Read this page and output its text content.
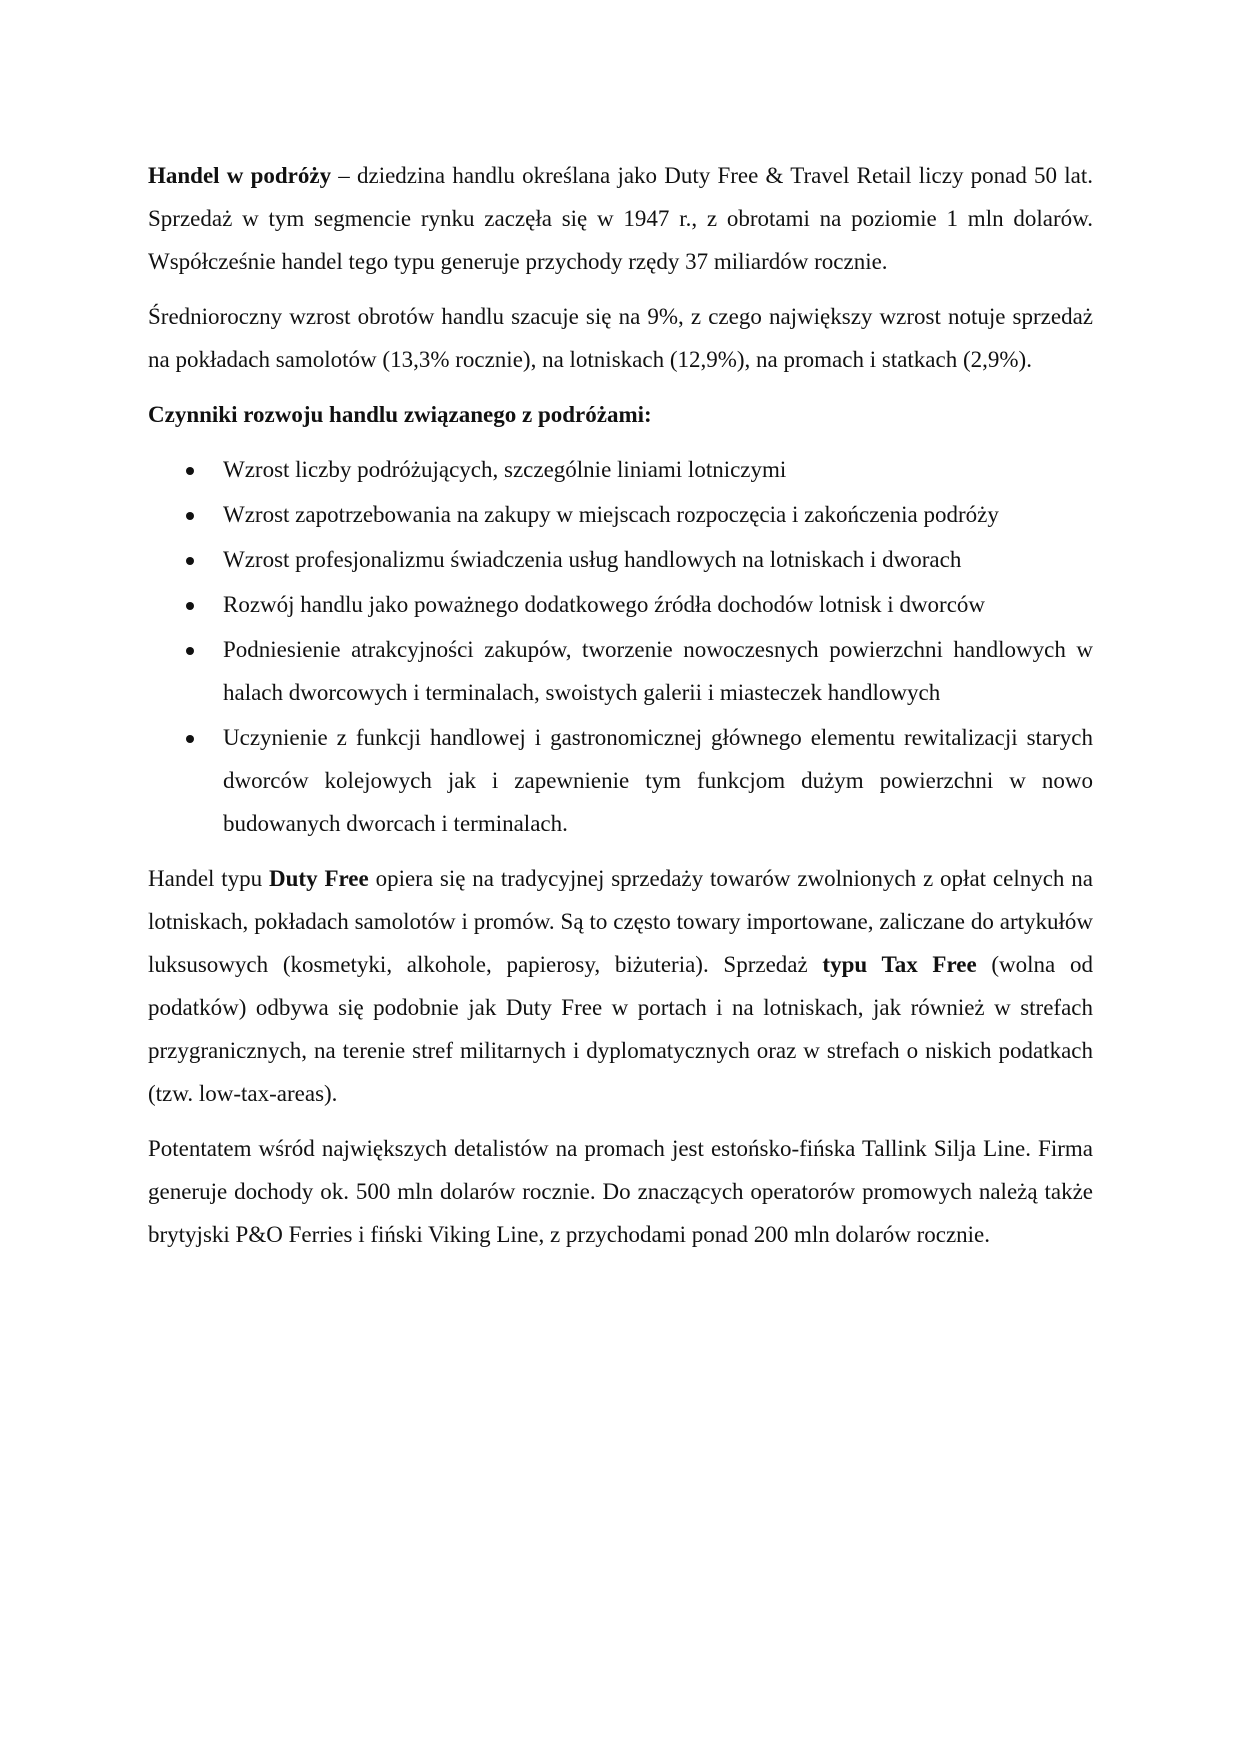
Handel w podróży – dziedzina handlu określana jako Duty Free & Travel Retail liczy ponad 50 lat. Sprzedaż w tym segmencie rynku zaczęła się w 1947 r., z obrotami na poziomie 1 mln dolarów. Współcześnie handel tego typu generuje przychody rzędy 37 miliardów rocznie.

Średnioroczny wzrost obrotów handlu szacuje się na 9%, z czego największy wzrost notuje sprzedaż na pokładach samolotów (13,3% rocznie), na lotniskach (12,9%), na promach i statkach (2,9%).

Czynniki rozwoju handlu związanego z podróżami:

Wzrost liczby podróżujących, szczególnie liniami lotniczymi
Wzrost zapotrzebowania na zakupy w miejscach rozpoczęcia i zakończenia podróży
Wzrost profesjonalizmu świadczenia usług handlowych na lotniskach i dworach
Rozwój handlu jako poważnego dodatkowego źródła dochodów lotnisk i dworców
Podniesienie atrakcyjności zakupów, tworzenie nowoczesnych powierzchni handlowych w halach dworcowych i terminalach, swoistych galerii i miasteczek handlowych
Uczynienie z funkcji handlowej i gastronomicznej głównego elementu rewitalizacji starych dworców kolejowych jak i zapewnienie tym funkcjom dużym powierzchni w nowo budowanych dworcach i terminalach.

Handel typu Duty Free opiera się na tradycyjnej sprzedaży towarów zwolnionych z opłat celnych na lotniskach, pokładach samolotów i promów. Są to często towary importowane, zaliczane do artykułów luksusowych (kosmetyki, alkohole, papierosy, biżuteria). Sprzedaż typu Tax Free (wolna od podatków) odbywa się podobnie jak Duty Free w portach i na lotniskach, jak również w strefach przygranicznych, na terenie stref militarnych i dyplomatycznych oraz w strefach o niskich podatkach (tzw. low-tax-areas).

Potentatem wśród największych detalistów na promach jest estońsko-fińska Tallink Silja Line. Firma generuje dochody ok. 500 mln dolarów rocznie. Do znaczących operatorów promowych należą także brytyjski P&O Ferries i fiński Viking Line, z przychodami ponad 200 mln dolarów rocznie.
